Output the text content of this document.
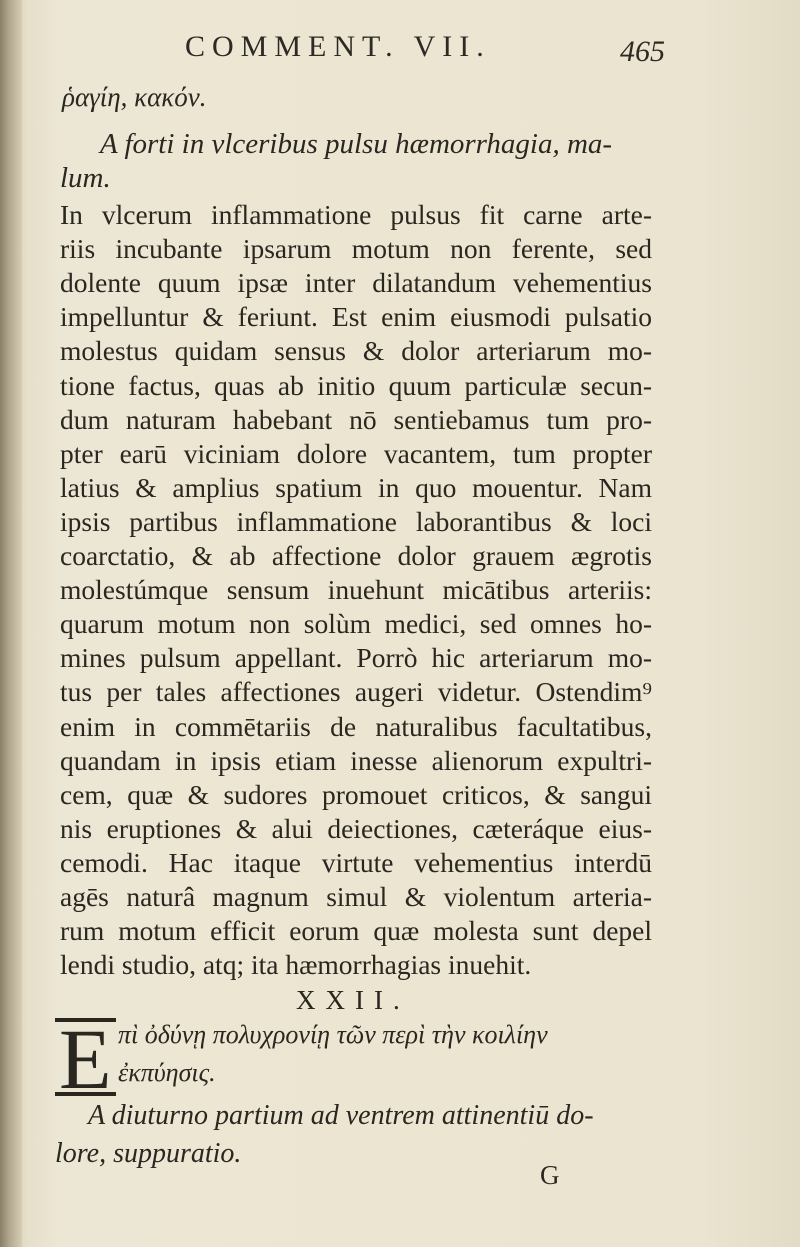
COMMENT. VII.	465
ῥαγίη, κακόν.
A forti in vlceribus pulsu hæmorrhagia, ma-
lum.
In vlcerum inflammatione pulsus fit carne arte-
riis incubante ipsarum motum non ferente, sed
dolente quum ipsæ inter dilatandum vehementius
impelluntur & feriunt. Est enim eiusmodi pulsatio
molestus quidam sensus & dolor arteriarum mo-
tione factus, quas ab initio quum particulæ secun-
dum naturam habebant nō sentiebamus tum pro-
pter earū viciniam dolore vacantem, tum propter
latius & amplius spatium in quo mouentur. Nam
ipsis partibus inflammatione laborantibus & loci
coarctatio, & ab affectione dolor grauem ægrotis
molestúmque sensum inuehunt micātibus arteriis:
quarum motum non solùm medici, sed omnes ho-
mines pulsum appellant. Porrò hic arteriarum mo-
tus per tales affectiones augeri videtur. Ostendim⁹
enim in commētariis de naturalibus facultatibus,
quandam in ipsis etiam inesse alienorum expultri-
cem, quæ & sudores promouet criticos, & sangui
nis eruptiones & alui deiectiones, cæteráque eius-
cemodi. Hac itaque virtute vehementius interdū
agēs naturâ magnum simul & violentum arteria-
rum motum efficit eorum quæ molesta sunt depel
lendi studio, atq; ita hæmorrhagias inuehit.
XXII.
E πὶ ὀδύνῃ πολυχρονίῃ τῶν περὶ τὴν κοιλίην
ἐκπύησις.
A diuturno partium ad ventrem attinentiū do-
lore, suppuratio.
G
